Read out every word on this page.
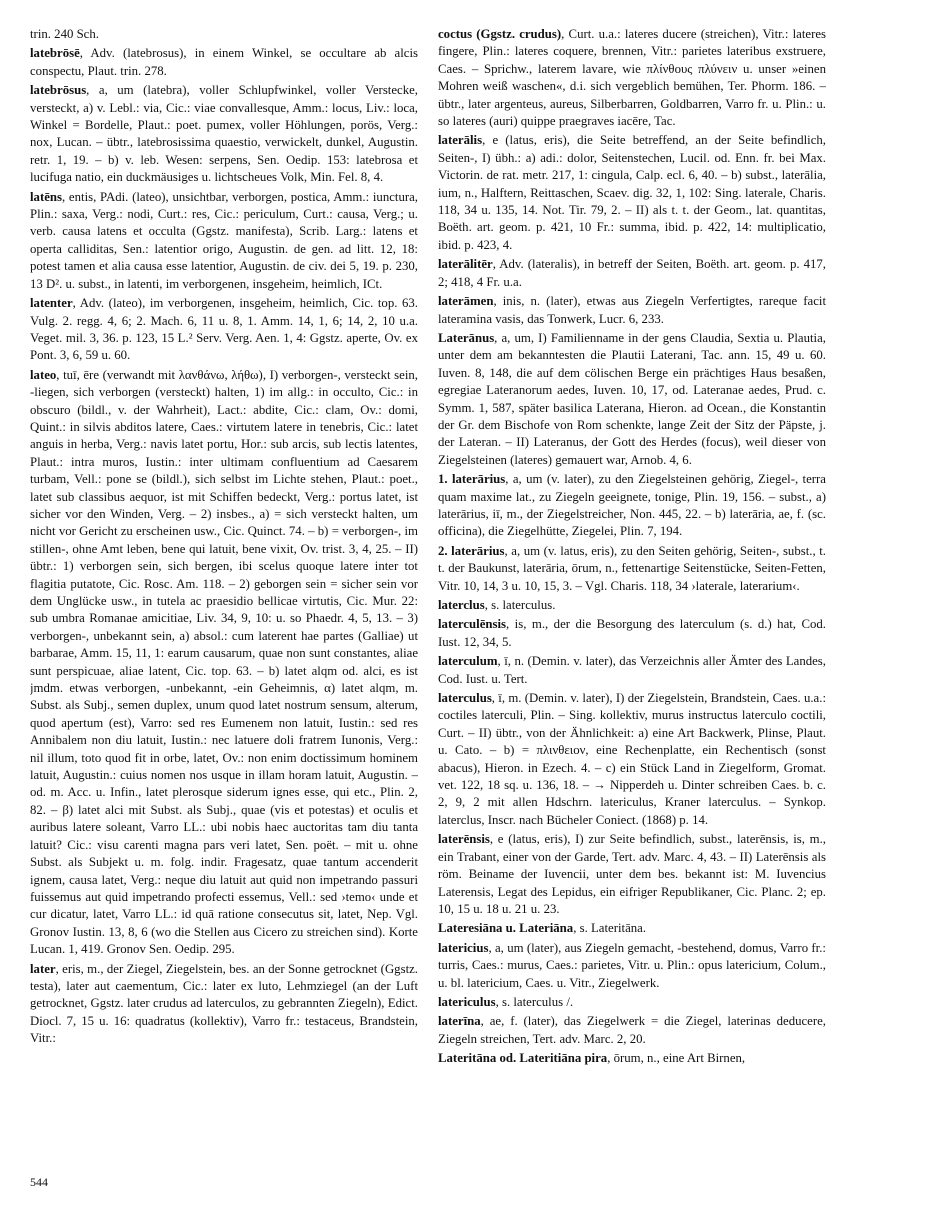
trin. 240 Sch.

latebrōsē, Adv. (latebrosus), in einem Winkel, se occultare ab alcis conspectu, Plaut. trin. 278.

latebrōsus, a, um (latebra), voller Schlupfwinkel, voller Verstecke, versteckt, a) v. Lebl.: via, Cic.: viae convallesque, Amm.: locus, Liv.: loca, Winkel = Bordelle, Plaut.: poet. pumex, voller Höhlungen, porös, Verg.: nox, Lucan. – übtr., latebrosissima quaestio, verwickelt, dunkel, Augustin. retr. 1, 19. – b) v. leb. Wesen: serpens, Sen. Oedip. 153: latebrosa et lucifuga natio, ein duckmäusiges u. lichtscheues Volk, Min. Fel. 8, 4.

latēns, entis, PAdi. (lateo), unsichtbar, verborgen, postica, Amm.: iunctura, Plin.: saxa, Verg.: nodi, Curt.: res, Cic.: periculum, Curt.: causa, Verg.; u. verb. causa latens et occulta (Ggstz. manifesta), Scrib. Larg.: latens et operta calliditas, Sen.: latentior origo, Augustin. de gen. ad litt. 12, 18: potest tamen et alia causa esse latentior, Augustin. de civ. dei 5, 19. p. 230, 13 D². u. subst., in latenti, im verborgenen, insgeheim, heimlich, ICt.

latenter, Adv. (lateo), im verborgenen, insgeheim, heimlich, Cic. top. 63. Vulg. 2. regg. 4, 6; 2. Mach. 6, 11 u. 8, 1. Amm. 14, 1, 6; 14, 2, 10 u.a. Veget. mil. 3, 36. p. 123, 15 L.² Serv. Verg. Aen. 1, 4: Ggstz. aperte, Ov. ex Pont. 3, 6, 59 u. 60.

lateo, tuī, ēre (verwandt mit λανθάνω, λήθω), I) verborgen-, versteckt sein, -liegen, sich verborgen (versteckt) halten, 1) im allg.: in occulto, Cic.: in obscuro (bildl., v. der Wahrheit), Lact.: abdite, Cic.: clam, Ov.: domi, Quint.: in silvis abditos latere, Caes.: virtutem latere in tenebris, Cic.: latet anguis in herba, Verg.: navis latet portu, Hor.: sub arcis, sub lectis latentes, Plaut.: intra muros, Iustin.: inter ultimam confluentium ad Caesarem turbam, Vell.: pone se (bildl.), sich selbst im Lichte stehen, Plaut.: poet., latet sub classibus aequor, ist mit Schiffen bedeckt, Verg.: portus latet, ist sicher vor den Winden, Verg. – 2) insbes., a) = sich versteckt halten, um nicht vor Gericht zu erscheinen usw., Cic. Quinct. 74. – b) = verborgen-, im stillen-, ohne Amt leben, bene qui latuit, bene vixit, Ov. trist. 3, 4, 25. – II) übtr.: 1) verborgen sein, sich bergen, ibi scelus quoque latere inter tot flagitia putatote, Cic. Rosc. Am. 118. – 2) geborgen sein = sicher sein vor dem Unglücke usw., in tutela ac praesidio bellicae virtutis, Cic. Mur. 22: sub umbra Romanae amicitiae, Liv. 34, 9, 10: u. so Phaedr. 4, 5, 13. – 3) verborgen-, unbekannt sein, a) absol.: cum laterent hae partes (Galliae) ut barbarae, Amm. 15, 11, 1: earum causarum, quae non sunt constantes, aliae sunt perspicuae, aliae latent, Cic. top. 63. – b) latet alqm od. alci, es ist jmdm. etwas verborgen, -unbekannt, -ein Geheimnis, α) latet alqm, m. Subst. als Subj., semen duplex, unum quod latet nostrum sensum, alterum, quod apertum (est), Varro: sed res Eumenem non latuit, Iustin.: sed res Annibalem non diu latuit, Iustin.: nec latuere doli fratrem Iunonis, Verg.: nil illum, toto quod fit in orbe, latet, Ov.: non enim doctissimum hominem latuit, Augustin.: cuius nomen nos usque in illam horam latuit, Augustin. – od. m. Acc. u. Infin., latet plerosque siderum ignes esse, qui etc., Plin. 2, 82. – β) latet alci mit Subst. als Subj., quae (vis et potestas) et oculis et auribus latere soleant, Varro LL.: ubi nobis haec auctoritas tam diu tanta latuit? Cic.: visu carenti magna pars veri latet, Sen. poët. – mit u. ohne Subst. als Subjekt u. m. folg. indir. Fragesatz, quae tantum accenderit ignem, causa latet, Verg.: neque diu latuit aut quid non impetrando passuri fuissemus aut quid impetrando profecti essemus, Vell.: sed ›temo‹ unde et cur dicatur, latet, Varro LL.: id quā ratione consecutus sit, latet, Nep. Vgl. Gronov Iustin. 13, 8, 6 (wo die Stellen aus Cicero zu streichen sind). Korte Lucan. 1, 419. Gronov Sen. Oedip. 295.

later, eris, m., der Ziegel, Ziegelstein, bes. an der Sonne getrocknet (Ggstz. testa), later aut caementum, Cic.: later ex luto, Lehmziegel (an der Luft getrocknet, Ggstz. later crudus ad laterculos, zu gebrannten Ziegeln), Edict. Diocl. 7, 15 u. 16: quadratus (kollektiv), Varro fr.: testaceus, Brandstein, Vitr.:

coctus (Ggstz. crudus), Curt. u.a.: lateres ducere (streichen), Vitr.: lateres fingere, Plin.: lateres coquere, brennen, Vitr.: parietes lateribus exstruere, Caes. – Sprichw., laterem lavare, wie πλίνθους πλύνειν u. unser »einen Mohren weiß waschen«, d.i. sich vergeblich bemühen, Ter. Phorm. 186. – übtr., later argenteus, aureus, Silberbarren, Goldbarren, Varro fr. u. Plin.: u. so lateres (auri) quippe praegraves iacēre, Tac.

laterālis, e (latus, eris), die Seite betreffend, an der Seite befindlich, Seiten-, I) übh.: a) adi.: dolor, Seitenstechen, Lucil. od. Enn. fr. bei Max. Victorin. de rat. metr. 217, 1: cingula, Calp. ecl. 6, 40. – b) subst., laterālia, ium, n., Halftern, Reittaschen, Scaev. dig. 32, 1, 102: Sing. laterale, Charis. 118, 34 u. 135, 14. Not. Tir. 79, 2. – II) als t. t. der Geom., lat. quantitas, Boëth. art. geom. p. 421, 10 Fr.: summa, ibid. p. 422, 14: multiplicatio, ibid. p. 423, 4.

laterālitēr, Adv. (lateralis), in betreff der Seiten, Boëth. art. geom. p. 417, 2; 418, 4 Fr. u.a.

laterāmen, inis, n. (later), etwas aus Ziegeln Verfertigtes, rareque facit lateramina vasis, das Tonwerk, Lucr. 6, 233.

Laterānus, a, um, I) Familienname in der gens Claudia, Sextia u. Plautia, unter dem am bekanntesten die Plautii Laterani, Tac. ann. 15, 49 u. 60. Iuven. 8, 148, die auf dem cölischen Berge ein prächtiges Haus besaßen, egregiae Lateranorum aedes, Iuven. 10, 17, od. Lateranae aedes, Prud. c. Symm. 1, 587, später basilica Laterana, Hieron. ad Ocean., die Konstantin der Gr. dem Bischofe von Rom schenkte, lange Zeit der Sitz der Päpste, j. der Lateran. – II) Lateranus, der Gott des Herdes (focus), weil dieser von Ziegelsteinen (lateres) gemauert war, Arnob. 4, 6.

1. laterārius, a, um (v. later), zu den Ziegelsteinen gehörig, Ziegel-, terra quam maxime lat., zu Ziegeln geeignete, tonige, Plin. 19, 156. – subst., a) laterārius, iī, m., der Ziegelstreicher, Non. 445, 22. – b) laterāria, ae, f. (sc. officina), die Ziegelhütte, Ziegelei, Plin. 7, 194.

2. laterārius, a, um (v. latus, eris), zu den Seiten gehörig, Seiten-, subst., t. t. der Baukunst, laterāria, ōrum, n., fettenartige Seitenstücke, Seiten-Fetten, Vitr. 10, 14, 3 u. 10, 15, 3. – Vgl. Charis. 118, 34 ›laterale, laterarium‹.

laterclus, s. laterculus.

laterculēnsis, is, m., der die Besorgung des laterculum (s. d.) hat, Cod. Iust. 12, 34, 5.

laterculum, ī, n. (Demin. v. later), das Verzeichnis aller Ämter des Landes, Cod. Iust. u. Tert.

laterculus, ī, m. (Demin. v. later), I) der Ziegelstein, Brandstein, Caes. u.a.: coctiles laterculi, Plin. – Sing. kollektiv, murus instructus laterculo coctili, Curt. – II) übtr., von der Ähnlichkeit: a) eine Art Backwerk, Plinse, Plaut. u. Cato. – b) = πλινθειον, eine Rechenplatte, ein Rechentisch (sonst abacus), Hieron. in Ezech. 4. – c) ein Stück Land in Ziegelform, Gromat. vet. 122, 18 sq. u. 136, 18. – → Nipperdeh u. Dinter schreiben Caes. b. c. 2, 9, 2 mit allen Hdschrn. latericulus, Kraner laterculus. – Synkop. laterclus, Inscr. nach Bücheler Coniect. (1868) p. 14.

laterēnsis, e (latus, eris), I) zur Seite befindlich, subst., laterēnsis, is, m., ein Trabant, einer von der Garde, Tert. adv. Marc. 4, 43. – II) Laterēnsis als röm. Beiname der Iuvencii, unter dem bes. bekannt ist: M. Iuvencius Laterensis, Legat des Lepidus, ein eifriger Republikaner, Cic. Planc. 2; ep. 10, 15 u. 18 u. 21 u. 23.

Lateresiāna u. Lateriāna, s. Lateritāna.

latericius, a, um (later), aus Ziegeln gemacht, -bestehend, domus, Varro fr.: turris, Caes.: murus, Caes.: parietes, Vitr. u. Plin.: opus latericium, Colum., u. bl. latericium, Caes. u. Vitr., Ziegelwerk.

latericulus, s. laterculus /.

laterīna, ae, f. (later), das Ziegelwerk = die Ziegel, laterinas deducere, Ziegeln streichen, Tert. adv. Marc. 2, 20.

Lateritāna od. Lateritiāna pira, ōrum, n., eine Art Birnen,

544
